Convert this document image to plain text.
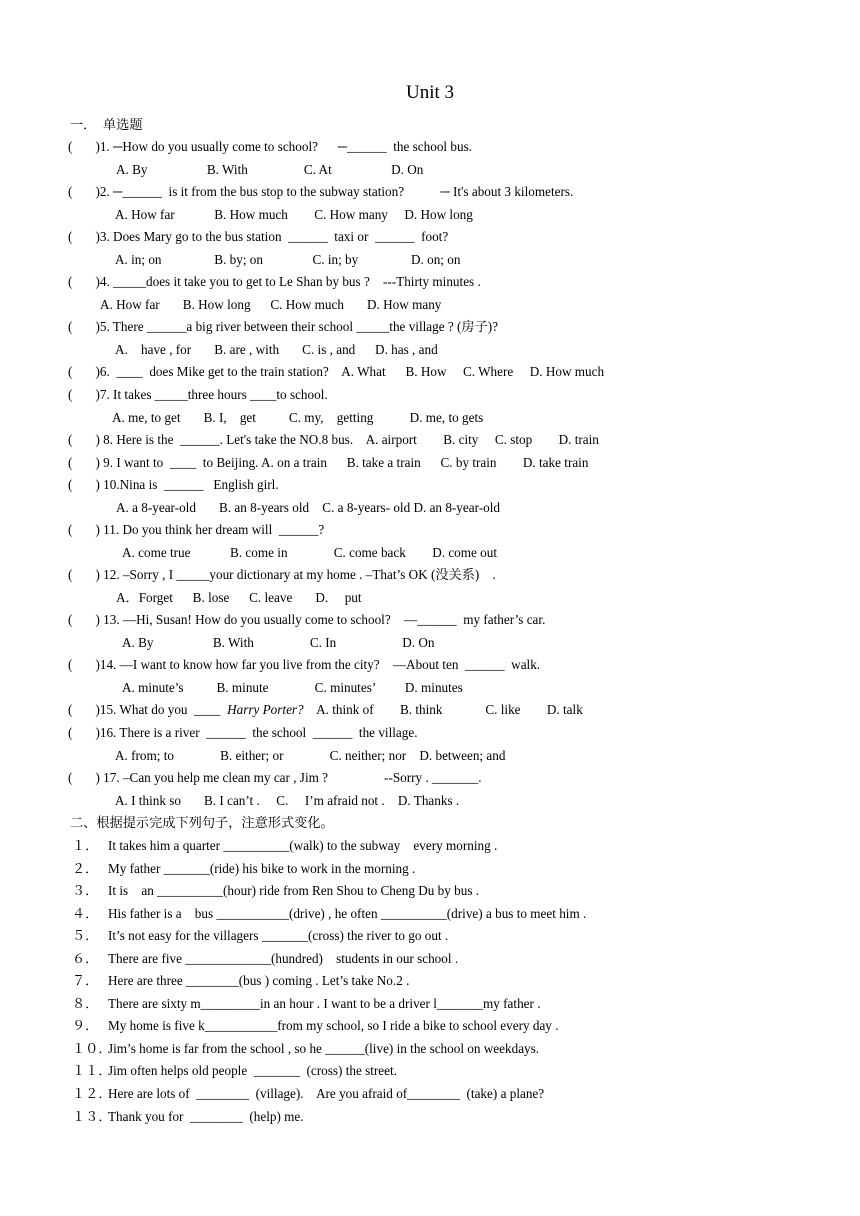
Unit 3
一．  单选题
(       )1. ─How do you usually come to school?      ─______  the school bus.
A. By                  B. With                 C. At                  D. On
(       )2. ─______  is it from the bus stop to the subway station?           ─ It's about 3 kilometers.
A. How far            B. How much        C. How many     D. How long
(       )3. Does Mary go to the bus station  ______  taxi or  ______  foot?
A. in; on                B. by; on               C. in; by                D. on; on
(       )4. _____does it take you to get to Le Shan by bus ?    ---Thirty minutes .
A. How far       B. How long      C. How much       D. How many
(       )5. There ______a big river between their school _____the village ? (房子)?
A.    have , for       B. are , with       C. is , and      D. has , and
(       )6.  ____  does Mike get to the train station?    A. What      B. How     C. Where     D. How much
(       )7. It takes _____three hours ____to school.
A. me, to get       B. I,    get          C. my,    getting           D. me, to gets
(       ) 8. Here is the  ______. Let's take the NO.8 bus.    A. airport        B. city     C. stop        D. train
(       ) 9. I want to  ____  to Beijing. A. on a train      B. take a train      C. by train        D. take train
(       ) 10.Nina is  ______   English girl.
A. a 8-year-old       B. an 8-years old    C. a 8-years- old D. an 8-year-old
(       ) 11. Do you think her dream will  ______?
A. come true            B. come in              C. come back        D. come out
(       ) 12. –Sorry , I _____your dictionary at my home . –That’s OK (没关系)    .
A．Forget      B. lose      C. leave       D.     put
(       ) 13. —Hi, Susan! How do you usually come to school?    —______  my father’s car.
A. By                  B. With                 C. In                    D. On
(       )14. —I want to know how far you live from the city?    —About ten  ______  walk.
A. minute’s          B. minute              C. minutes’         D. minutes
(       )15. What do you  ____  Harry Porter?    A. think of        B. think             C. like        D. talk
(       )16. There is a river  ______  the school  ______  the village.
A. from; to              B. either; or              C. neither; nor    D. between; and
(       ) 17. –Can you help me clean my car , Jim ?                 --Sorry . _______.
A. I think so       B. I can’t .     C.     I’m afraid not .    D. Thanks .
二、根据提示完成下列句子，注意形式变化。
１． It takes him a quarter __________(walk) to the subway    every morning .
２． My father _______(ride) his bike to work in the morning .
３． It is    an __________(hour) ride from Ren Shou to Cheng Du by bus .
４． His father is a    bus ___________(drive) , he often __________(drive) a bus to meet him .
５． It’s not easy for the villagers _______(cross) the river to go out .
６． There are five _____________(hundred)    students in our school .
７． Here are three ________(bus ) coming . Let’s take No.2 .
８． There are sixty m_________in an hour . I want to be a driver l_______my father .
９． My home is five k___________from my school, so I ride a bike to school every day .
１０．Jim’s home is far from the school , so he ______(live) in the school on weekdays.
１１．Jim often helps old people  _______  (cross) the street.
１２．Here are lots of  ________  (village).    Are you afraid of________  (take) a plane?
１３．Thank you for  ________  (help) me.
